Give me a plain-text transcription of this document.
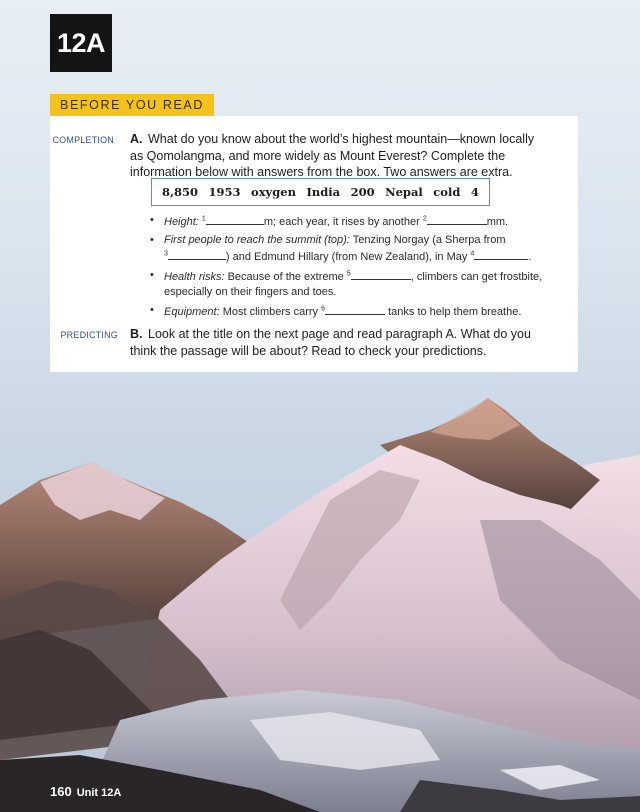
12A
BEFORE YOU READ
COMPLETION A. What do you know about the world’s highest mountain—known locally as Qomolangma, and more widely as Mount Everest? Complete the information below with answers from the box. Two answers are extra.
8,850 1953 oxygen India 200 Nepal cold 4
• Height: $^1$	m; each year, it rises by another $^2$	mm.
• First people to reach the summit (top): Tenzing Norgay (a Sherpa from
$^3$	) and Edmund Hillary (from New Zealand), in May $^4$	.
• Health risks: Because of the extreme $^5$	, climbers can get frostbite, especially on their fingers and toes.
• Equipment: Most climbers carry $^6$	tanks to help them breathe.
PREDICTING B. Look at the title on the next page and read paragraph A. What do you think the passage will be about? Read to check your predictions.
160 Unit 12A
